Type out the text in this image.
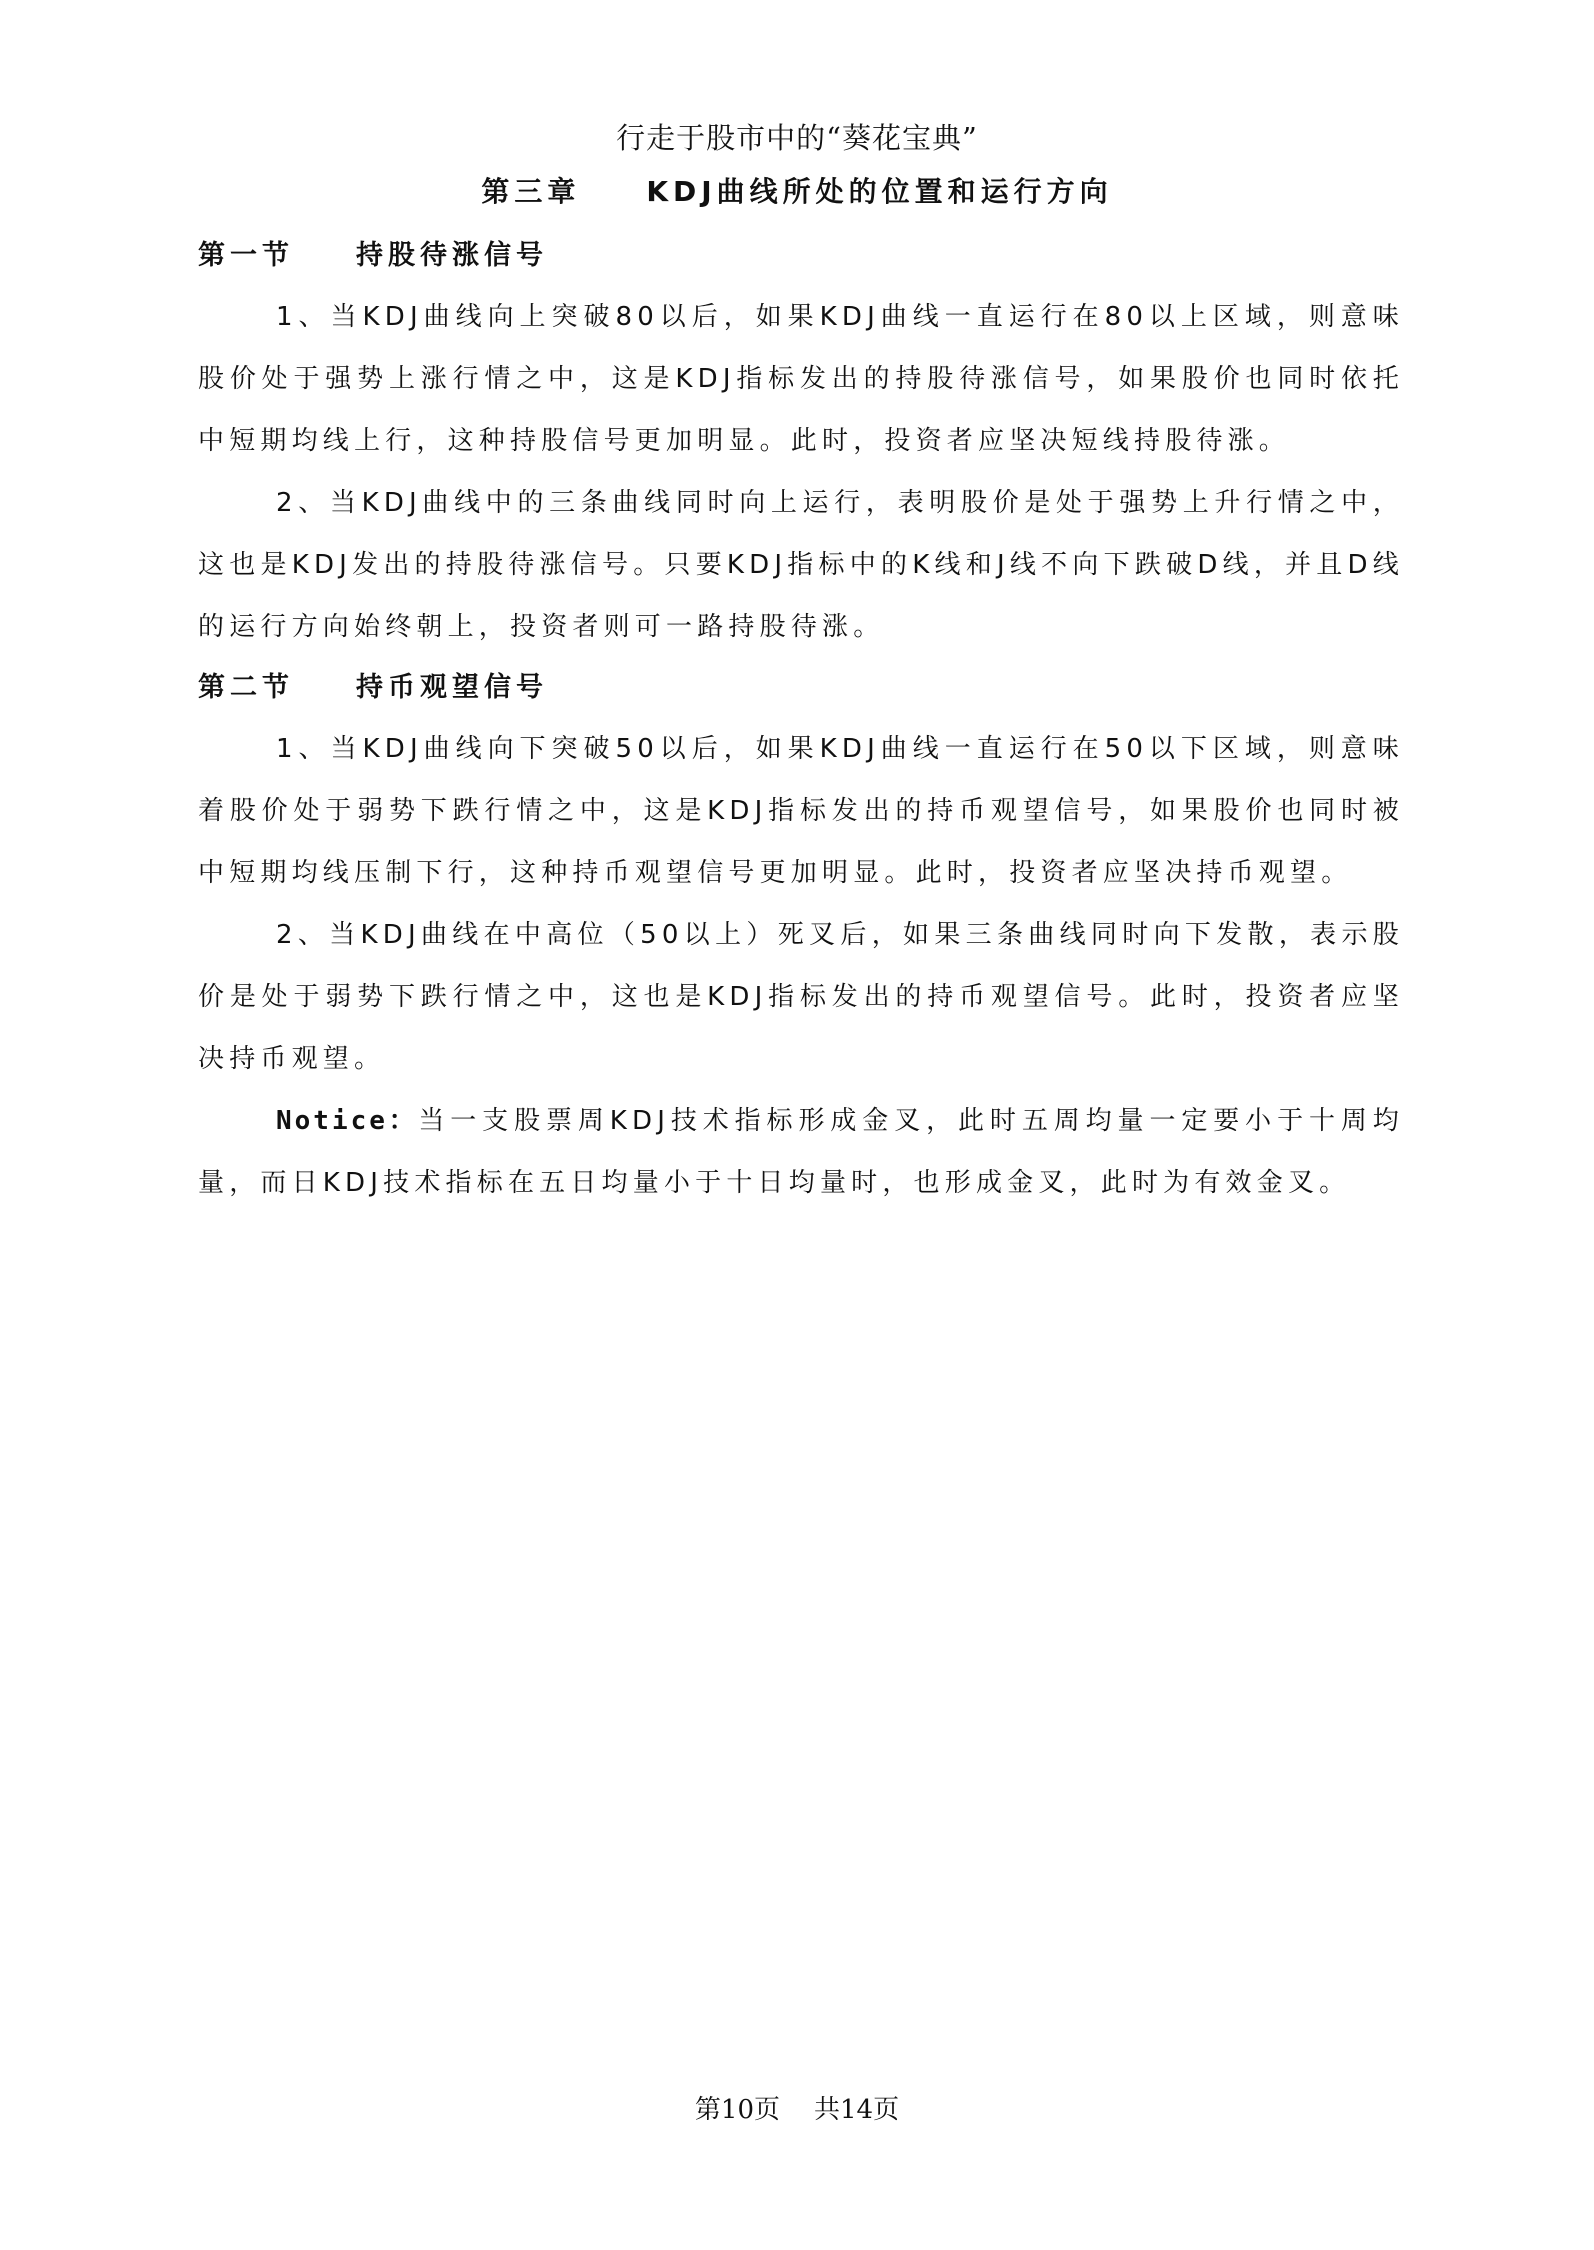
行走于股市中的“葵花宝典”
第三章 KDJ曲线所处的位置和运行方向
第一节 持股待涨信号

1、当KDJ曲线向上突破80以后，如果KDJ曲线一直运行在80以上区域，则意味股价处于强势上涨行情之中，这是KDJ指标发出的持股待涨信号，如果股价也同时依托中短期均线上行，这种持股信号更加明显。此时，投资者应坚决短线持股待涨。

2、当KDJ曲线中的三条曲线同时向上运行，表明股价是处于强势上升行情之中，这也是KDJ发出的持股待涨信号。只要KDJ指标中的K线和J线不向下跌破D线，并且D线的运行方向始终朝上，投资者则可一路持股待涨。

第二节 持币观望信号

1、当KDJ曲线向下突破50以后，如果KDJ曲线一直运行在50以下区域，则意味着股价处于弱势下跌行情之中，这是KDJ指标发出的持币观望信号，如果股价也同时被中短期均线压制下行，这种持币观望信号更加明显。此时，投资者应坚决持币观望。

2、当KDJ曲线在中高位（50以上）死叉后，如果三条曲线同时向下发散，表示股价是处于弱势下跌行情之中，这也是KDJ指标发出的持币观望信号。此时，投资者应坚决持币观望。

Notice：当一支股票周KDJ技术指标形成金叉，此时五周均量一定要小于十周均量，而日KDJ技术指标在五日均量小于十日均量时，也形成金叉，此时为有效金叉。

第10页 共14页
